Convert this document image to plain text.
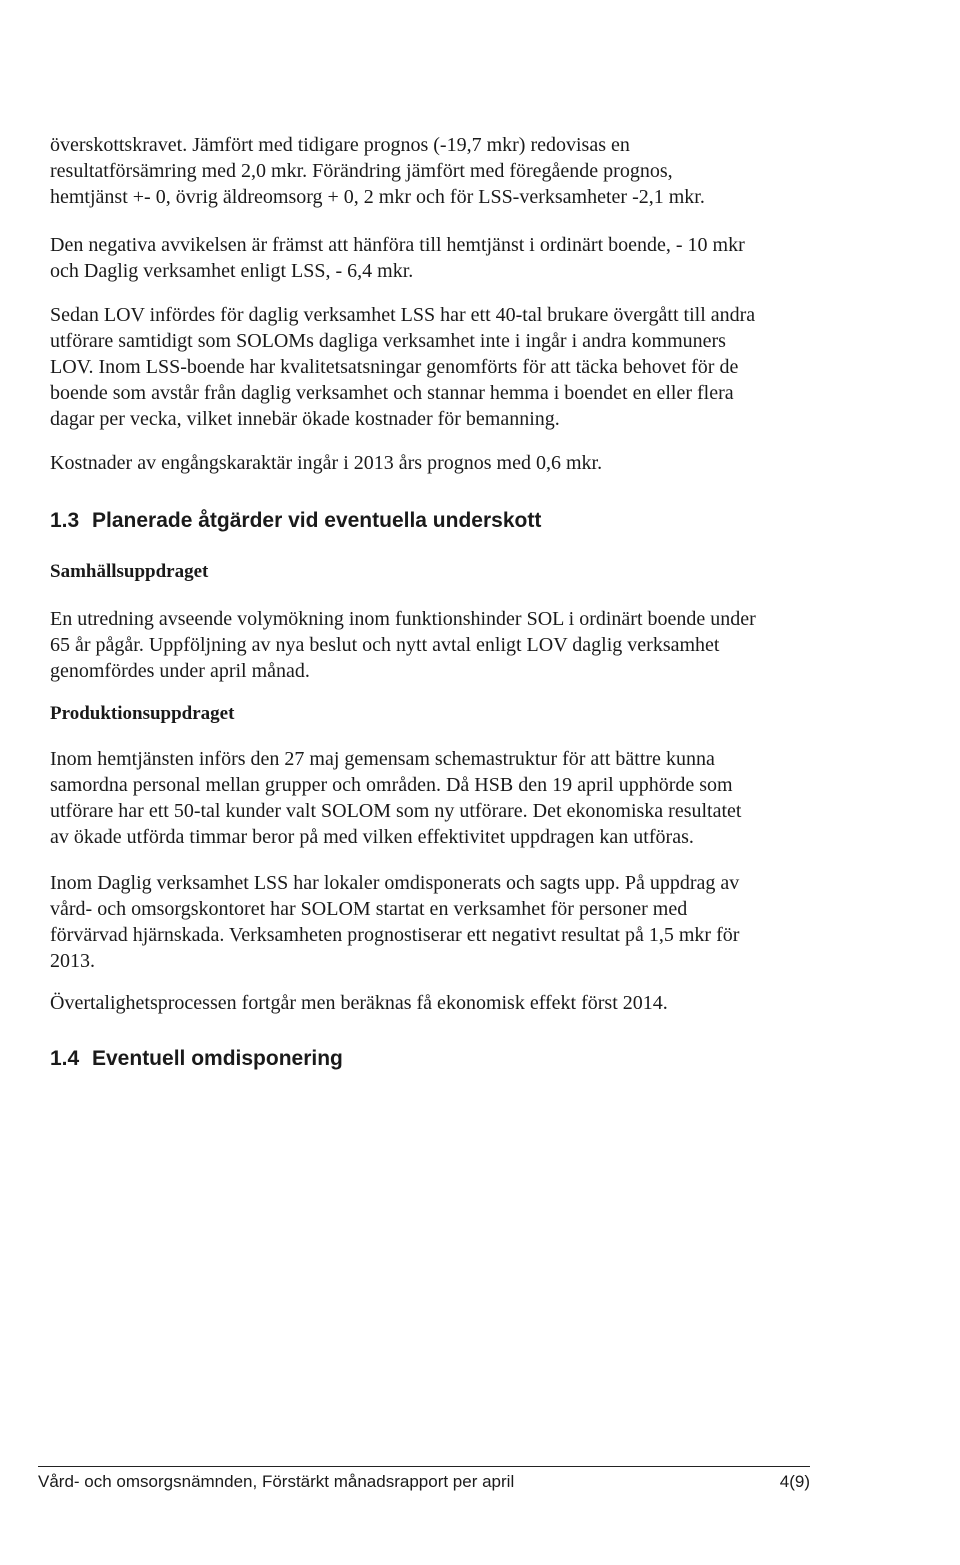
överskottskravet. Jämfört med tidigare prognos (-19,7 mkr) redovisas en
resultatförsämring med 2,0 mkr. Förändring jämfört med föregående prognos,
hemtjänst +- 0, övrig äldreomsorg + 0, 2 mkr och för LSS-verksamheter -2,1 mkr.

Den negativa avvikelsen är främst att hänföra till hemtjänst i ordinärt boende, - 10 mkr
och Daglig verksamhet enligt LSS, - 6,4 mkr.

Sedan LOV infördes för daglig verksamhet LSS har ett 40-tal brukare övergått till andra
utförare samtidigt som SOLOMs dagliga verksamhet inte i ingår i andra kommuners
LOV. Inom LSS-boende har kvalitetsatsningar genomförts för att täcka behovet för de
boende som avstår från daglig verksamhet och stannar hemma i boendet en eller flera
dagar per vecka, vilket innebär ökade kostnader för bemanning.

Kostnader av engångskaraktär ingår i 2013 års prognos med 0,6 mkr.

1.3 Planerade åtgärder vid eventuella underskott
Samhällsuppdraget

En utredning avseende volymökning inom funktionshinder SOL i ordinärt boende under
65 år pågår. Uppföljning av nya beslut och nytt avtal enligt LOV daglig verksamhet
genomfördes under april månad.

Produktionsuppdraget

Inom hemtjänsten införs den 27 maj gemensam schemastruktur för att bättre kunna
samordna personal mellan grupper och områden. Då HSB den 19 april upphörde som
utförare har ett 50-tal kunder valt SOLOM som ny utförare. Det ekonomiska resultatet
av ökade utförda timmar beror på med vilken effektivitet uppdragen kan utföras.

Inom Daglig verksamhet LSS har lokaler omdisponerats och sagts upp. På uppdrag av
vård- och omsorgskontoret har SOLOM startat en verksamhet för personer med
förvärvad hjärnskada. Verksamheten prognostiserar ett negativt resultat på 1,5 mkr för
2013.

Övertalighetsprocessen fortgår men beräknas få ekonomisk effekt först 2014.

1.4 Eventuell omdisponering
Vård- och omsorgsnämnden, Förstärkt månadsrapport per april	4(9)
